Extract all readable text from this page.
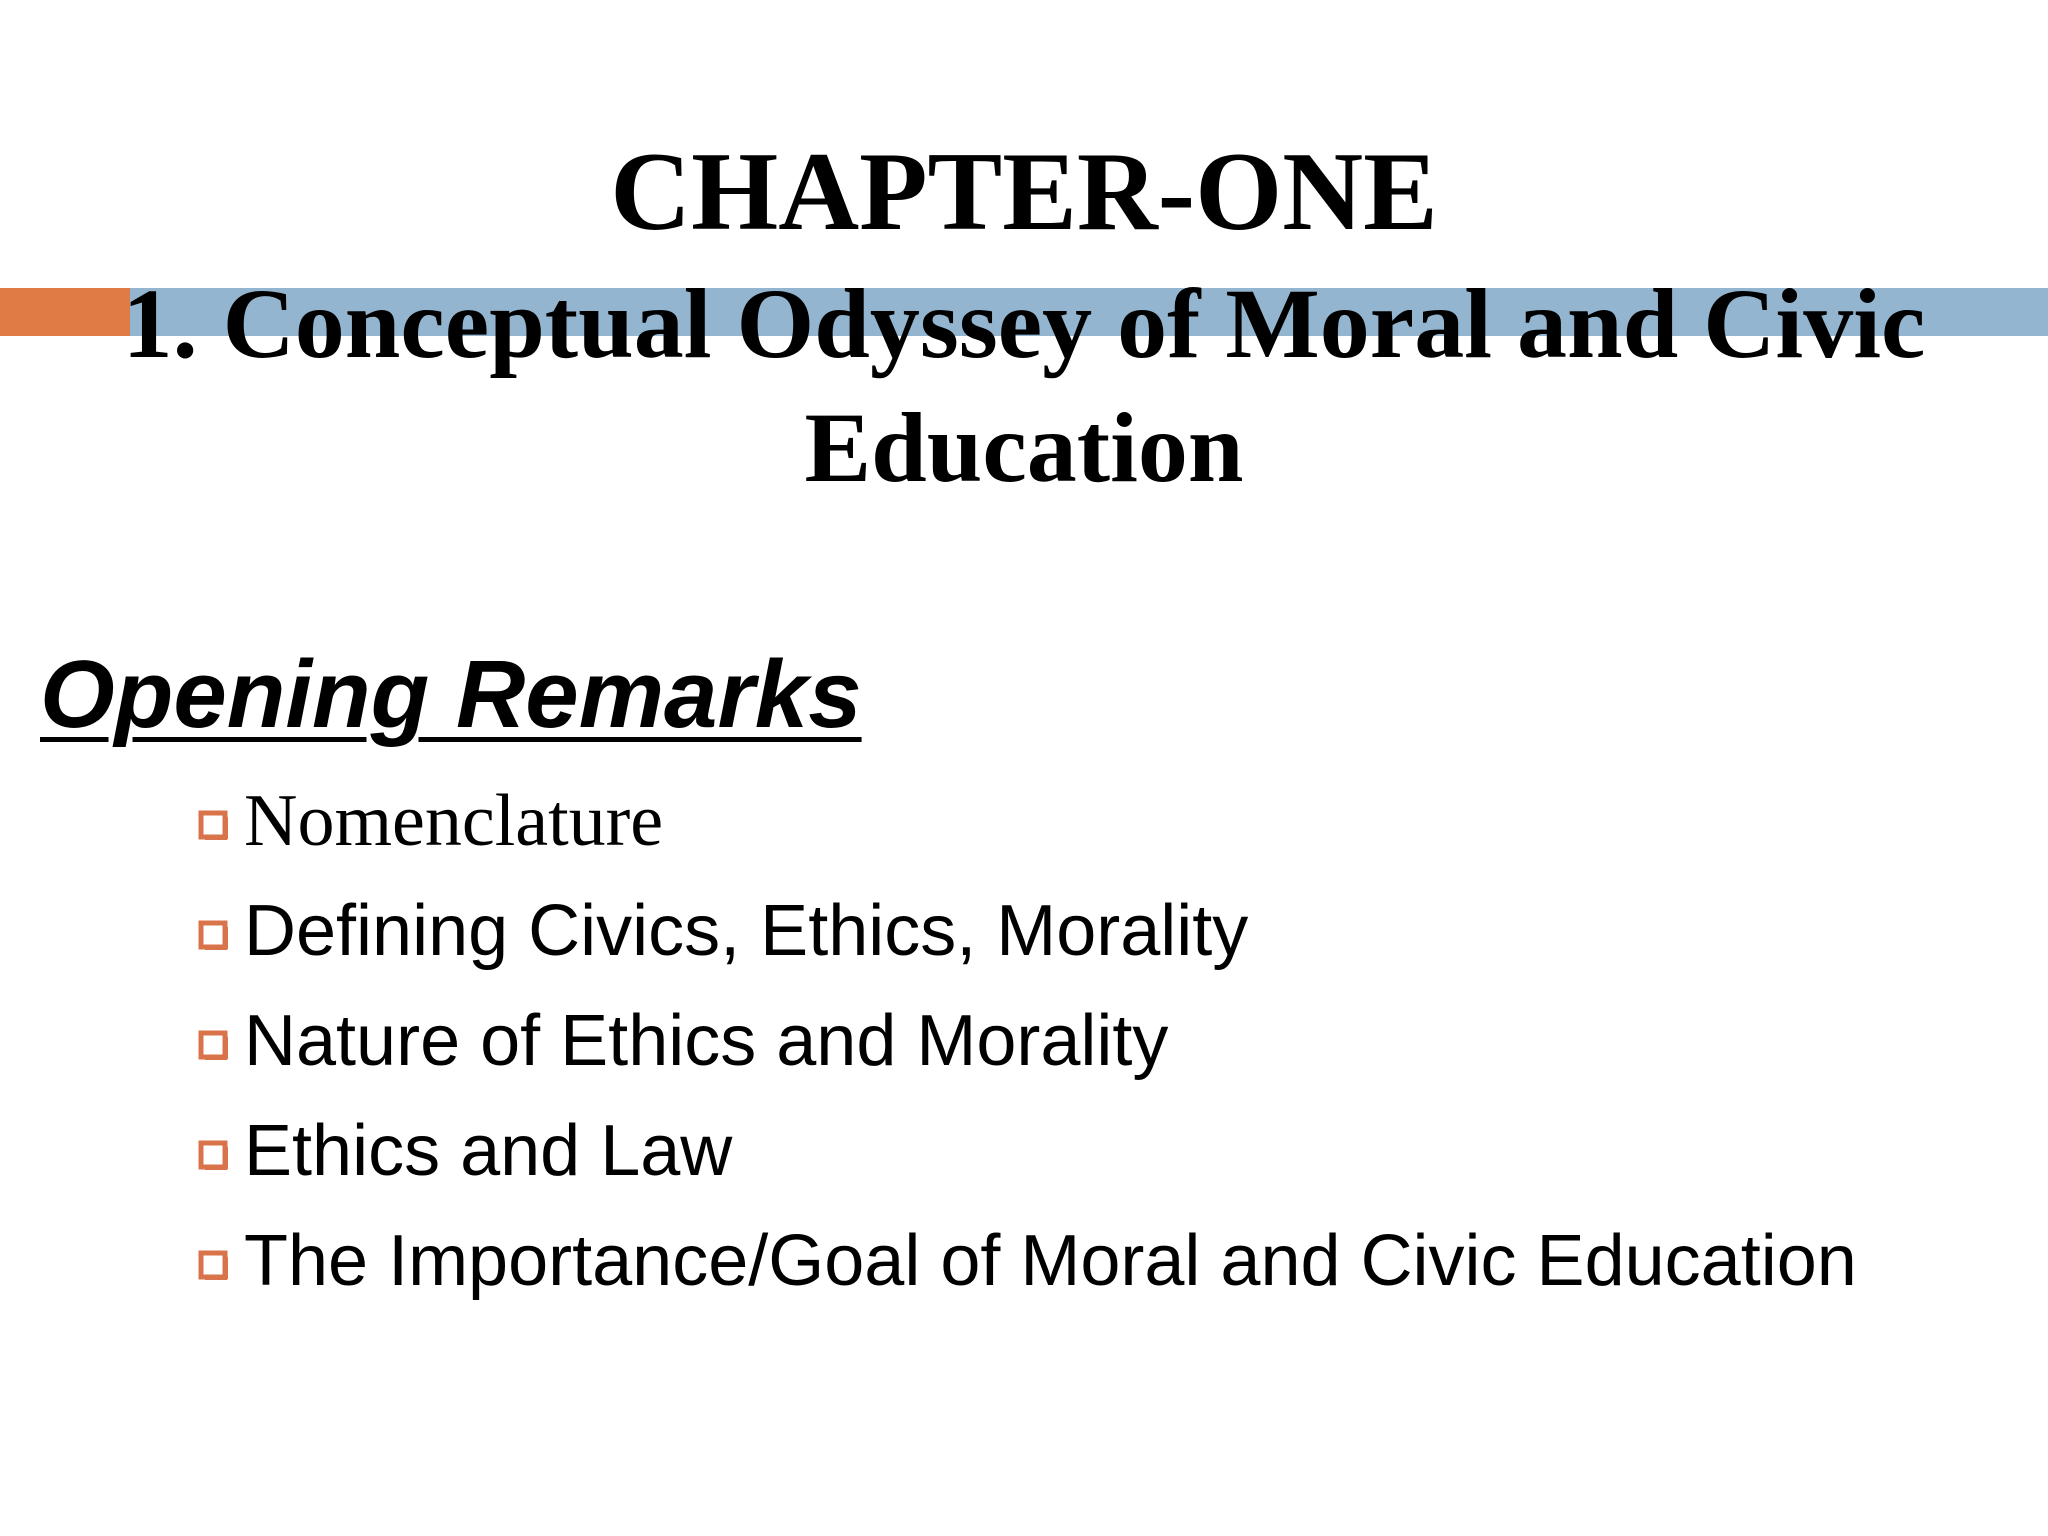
CHAPTER-ONE
1. Conceptual Odyssey of Moral and Civic
Education
Opening Remarks
Nomenclature
Defining Civics, Ethics, Morality
Nature of Ethics and Morality
Ethics and Law
The Importance/Goal of Moral and Civic Education
